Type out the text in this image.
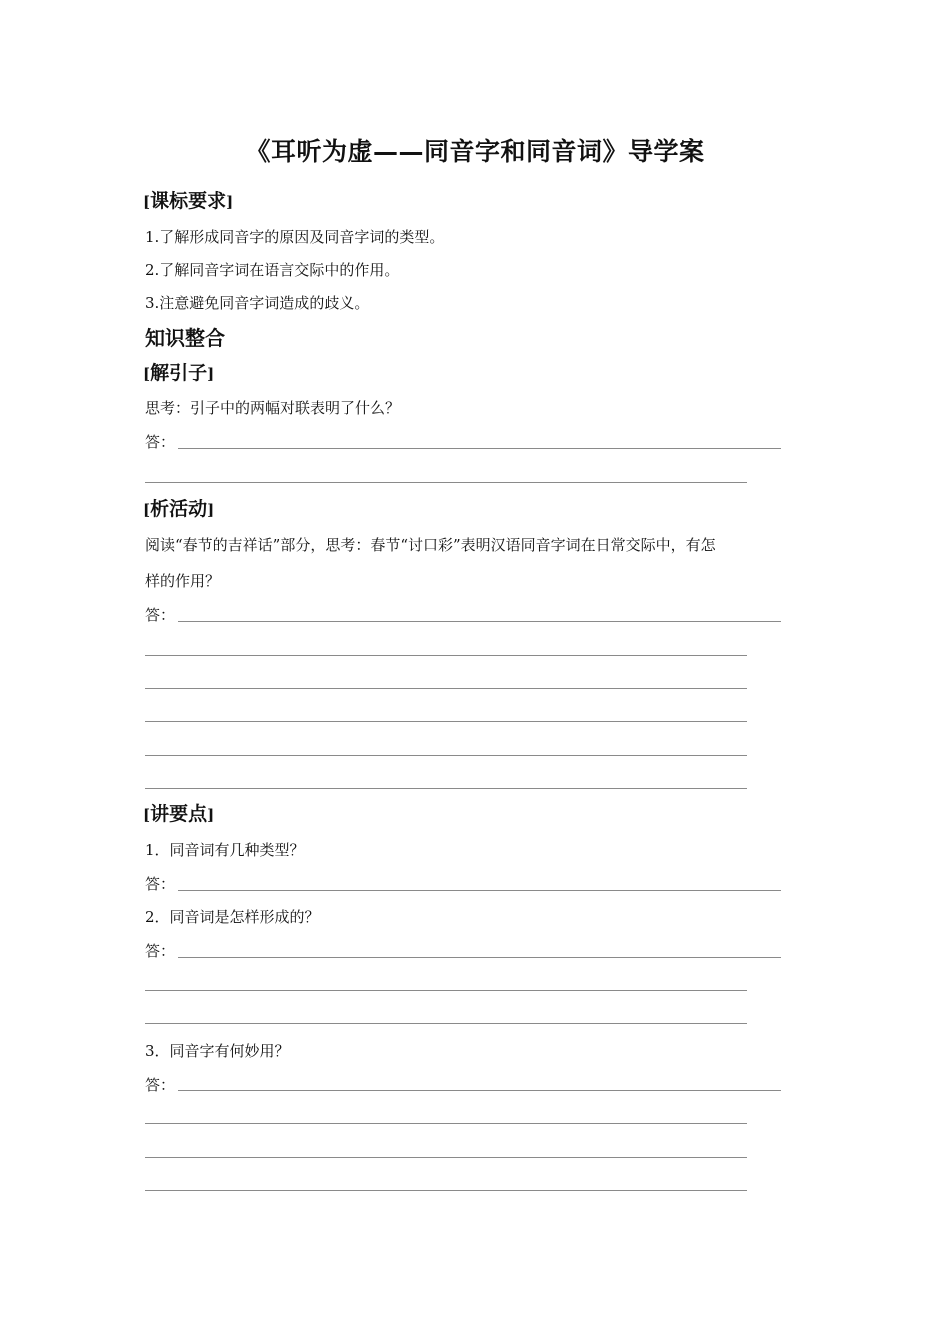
《耳听为虚——同音字和同音词》导学案
[课标要求]
1.了解形成同音字的原因及同音字词的类型。
2.了解同音字词在语言交际中的作用。
3.注意避免同音字词造成的歧义。
知识整合
[解引子]
思考：引子中的两幅对联表明了什么？
答：
[析活动]
阅读“春节的吉祥话”部分，思考：春节“讨口彩”表明汉语同音字词在日常交际中，有怎
样的作用？
答：
[讲要点]
1．同音词有几种类型？
答：
2．同音词是怎样形成的？
答：
3．同音字有何妙用？
答：
